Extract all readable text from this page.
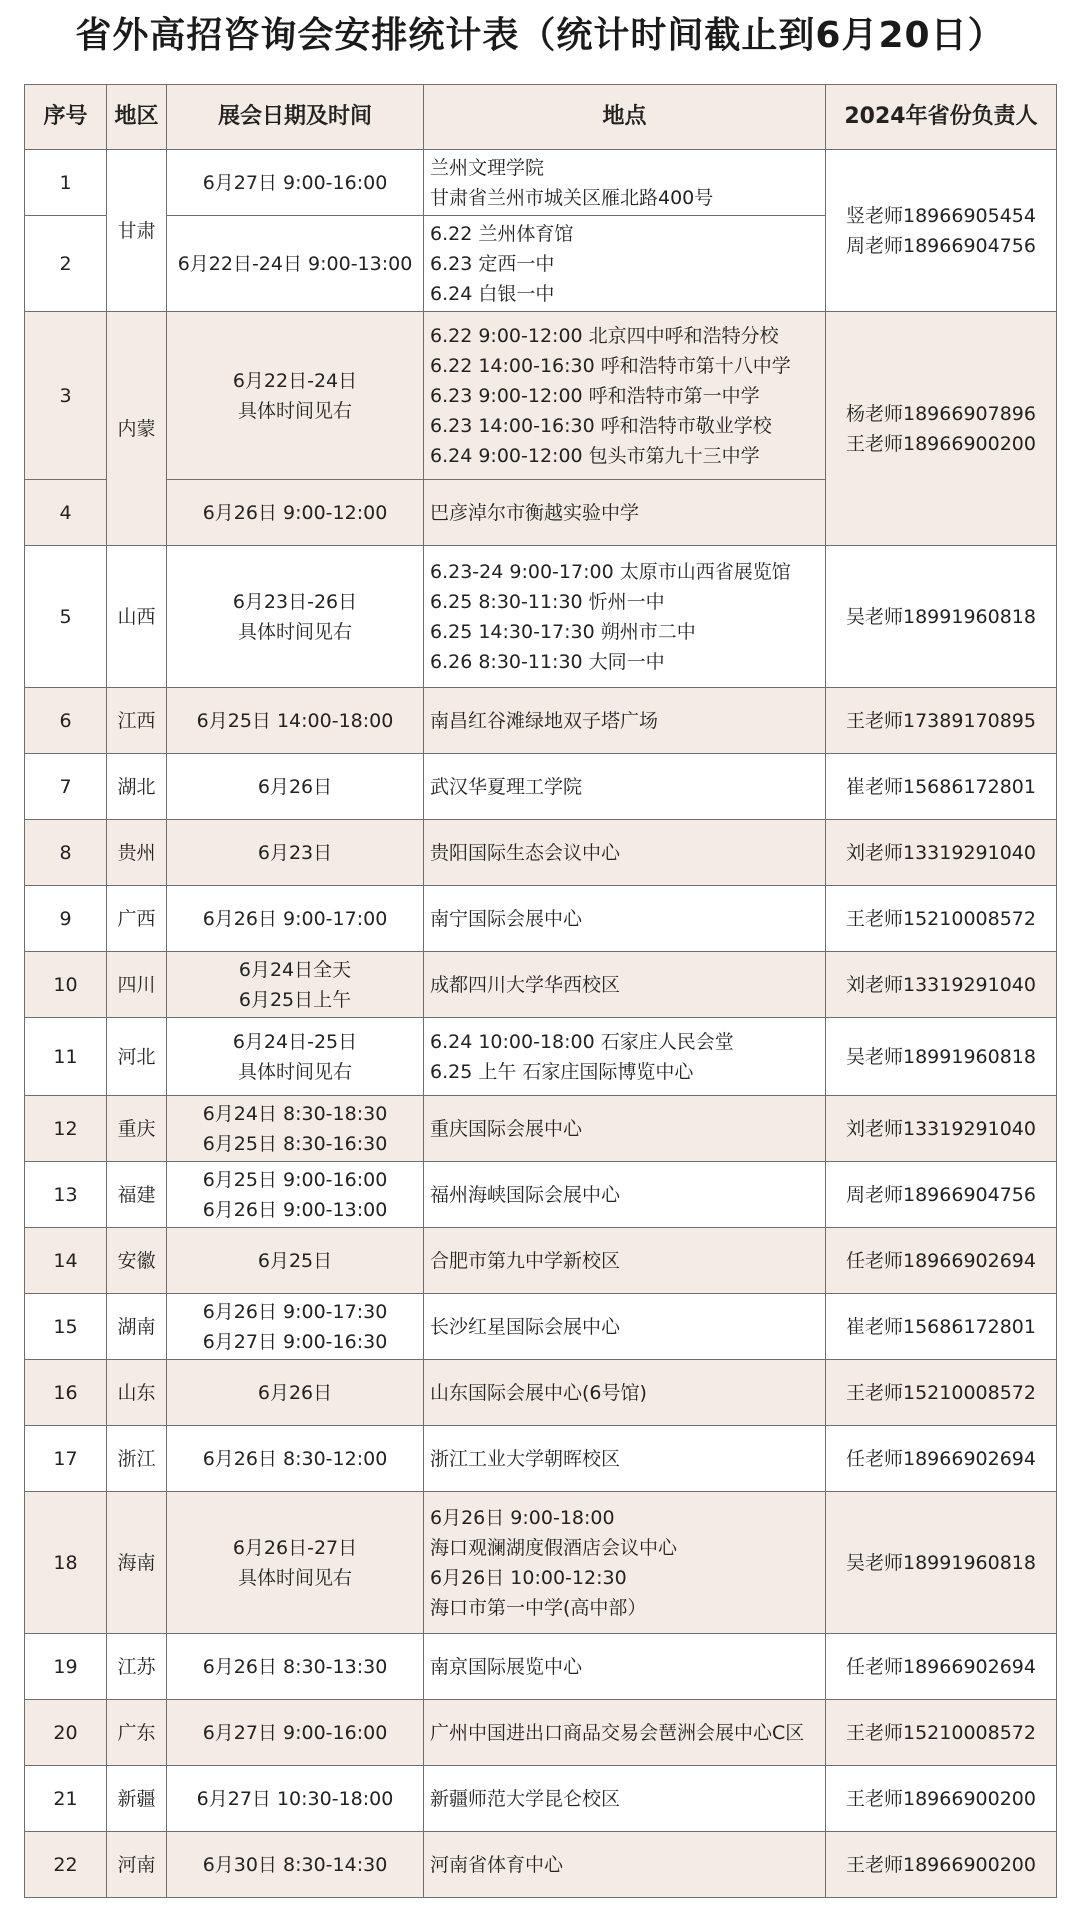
省外高招咨询会安排统计表（统计时间截止到6月20日）
序号	地区	展会日期及时间	地点	2024年省份负责人
1	甘肃	6月27日 9:00-16:00	兰州文理学院
甘肃省兰州市城关区雁北路400号	竖老师18966905454
周老师18966904756

2		6月22日-24日 9:00-13:00	6.22 兰州体育馆
6.23 定西一中
6.24 白银一中	

3	内蒙	6月22日-24日
具体时间见右	6.22 9:00-12:00 北京四中呼和浩特分校
6.22 14:00-16:30 呼和浩特市第十八中学
6.23 9:00-12:00 呼和浩特市第一中学
6.23 14:00-16:30 呼和浩特市敬业学校
6.24 9:00-12:00 包头市第九十三中学	杨老师18966907896
王老师18966900200

4		6月26日 9:00-12:00	巴彦淖尔市衡越实验中学	

5	山西	6月23日-26日
具体时间见右	6.23-24 9:00-17:00 太原市山西省展览馆
6.25 8:30-11:30 忻州一中
6.25 14:30-17:30 朔州市二中
6.26 8:30-11:30 大同一中	吴老师18991960818

6	江西	6月25日 14:00-18:00	南昌红谷滩绿地双子塔广场	王老师17389170895

7	湖北	6月26日	武汉华夏理工学院	崔老师15686172801

8	贵州	6月23日	贵阳国际生态会议中心	刘老师13319291040

9	广西	6月26日 9:00-17:00	南宁国际会展中心	王老师15210008572

10	四川	6月24日全天
6月25日上午	成都四川大学华西校区	刘老师13319291040

11	河北	6月24日-25日
具体时间见右	6.24 10:00-18:00 石家庄人民会堂
6.25 上午 石家庄国际博览中心	吴老师18991960818

12	重庆	6月24日 8:30-18:30
6月25日 8:30-16:30	重庆国际会展中心	刘老师13319291040

13	福建	6月25日 9:00-16:00
6月26日 9:00-13:00	福州海峡国际会展中心	周老师18966904756

14	安徽	6月25日	合肥市第九中学新校区	任老师18966902694

15	湖南	6月26日 9:00-17:30
6月27日 9:00-16:30	长沙红星国际会展中心	崔老师15686172801

16	山东	6月26日	山东国际会展中心(6号馆)	王老师15210008572

17	浙江	6月26日 8:30-12:00	浙江工业大学朝晖校区	任老师18966902694

18	海南	6月26日-27日
具体时间见右	6月26日 9:00-18:00
海口观澜湖度假酒店会议中心
6月26日 10:00-12:30
海口市第一中学(高中部）	吴老师18991960818

19	江苏	6月26日 8:30-13:30	南京国际展览中心	任老师18966902694

20	广东	6月27日 9:00-16:00	广州中国进出口商品交易会琶洲会展中心C区	王老师15210008572

21	新疆	6月27日 10:30-18:00	新疆师范大学昆仑校区	王老师18966900200

22	河南	6月30日 8:30-14:30	河南省体育中心	王老师18966900200
